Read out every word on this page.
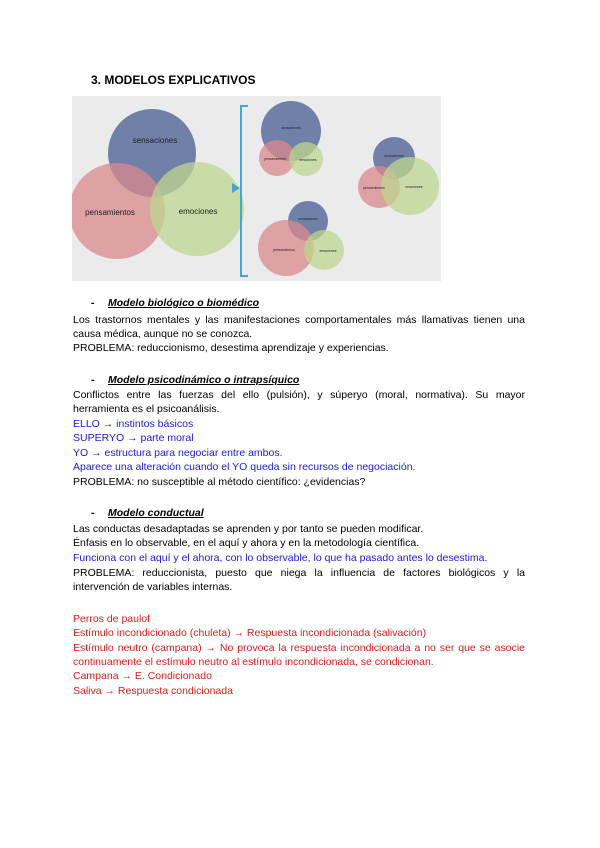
3. MODELOS EXPLICATIVOS
sensaciones
pensamientos	emociones
sensaciones
pensamientos	emociones
sensaciones
pensamientos	emociones
sensaciones
pensamientos	emociones
- Modelo biológico o biomédico
Los trastornos mentales y las manifestaciones comportamentales más llamativas tienen una causa médica, aunque no se conozca.
PROBLEMA: reduccionismo, desestima aprendizaje y experiencias.
- Modelo psicodinámico o intrapsíquico
Conflictos entre las fuerzas del ello (pulsión), y súperyo (moral, normativa). Su mayor herramienta es el psicoanálisis.
ELLO → instintos básicos
SUPERYO → parte moral
YO → estructura para negociar entre ambos.
Aparece una alteración cuando el YO queda sin recursos de negociación.
PROBLEMA: no susceptible al método científico: ¿evidencias?
- Modelo conductual
Las conductas desadaptadas se aprenden y por tanto se pueden modificar.
Énfasis en lo observable, en el aquí y ahora y en la metodología científica.
Funciona con el aquí y el ahora, con lo observable, lo que ha pasado antes lo desestima.
PROBLEMA: reduccionista, puesto que niega la influencia de factores biológicos y la intervención de variables internas.
Perros de paulof
Estímulo incondicionado (chuleta) → Respuesta incondicionada (salivación)
Estímulo neutro (campana) → No provoca la respuesta incondicionada a no ser que se asocie continuamente el estímulo neutro al estímulo incondicionada, se condicionan.
Campana → E. Condicionado
Saliva → Respuesta condicionada
